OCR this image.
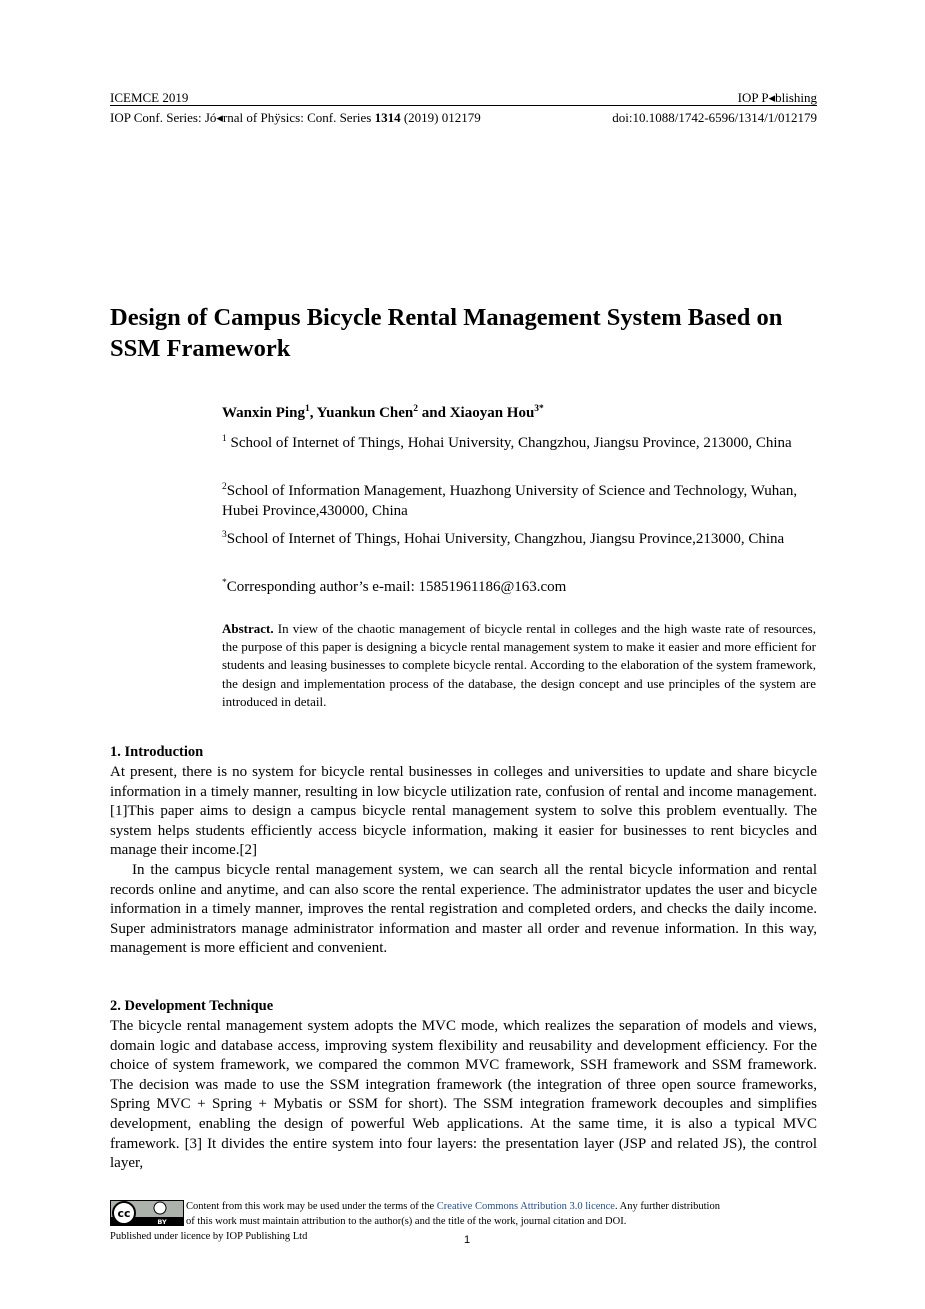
ICEMCE 2019	IOP P◂blishing
IOP Conf. Series: Jó◂rnal of Phÿsics: Conf. Series 1314 (2019) 012179	doi:10.1088/1742-6596/1314/1/012179
Design of Campus Bicycle Rental Management System Based on SSM Framework
Wanxin Ping$^1$, Yuankun Chen$^2$ and Xiaoyan Hou$^{3*}$
$^1$ School of Internet of Things, Hohai University, Changzhou, Jiangsu Province, 213000, China
$^2$School of Information Management, Huazhong University of Science and Technology, Wuhan, Hubei Province,430000, China
$^3$School of Internet of Things, Hohai University, Changzhou, Jiangsu Province,213000, China
*Corresponding author’s e-mail: 15851961186@163.com
Abstract. In view of the chaotic management of bicycle rental in colleges and the high waste rate of resources, the purpose of this paper is designing a bicycle rental management system to make it easier and more efficient for students and leasing businesses to complete bicycle rental. According to the elaboration of the system framework, the design and implementation process of the database, the design concept and use principles of the system are introduced in detail.
1. Introduction
At present, there is no system for bicycle rental businesses in colleges and universities to update and share bicycle information in a timely manner, resulting in low bicycle utilization rate, confusion of rental and income management. [1]This paper aims to design a campus bicycle rental management system to solve this problem eventually. The system helps students efficiently access bicycle information, making it easier for businesses to rent bicycles and manage their income.[2]
In the campus bicycle rental management system, we can search all the rental bicycle information and rental records online and anytime, and can also score the rental experience. The administrator updates the user and bicycle information in a timely manner, improves the rental registration and completed orders, and checks the daily income. Super administrators manage administrator information and master all order and revenue information. In this way, management is more efficient and convenient.
2. Development Technique
The bicycle rental management system adopts the MVC mode, which realizes the separation of models and views, domain logic and database access, improving system flexibility and reusability and development efficiency. For the choice of system framework, we compared the common MVC framework, SSH framework and SSM framework. The decision was made to use the SSM integration framework (the integration of three open source frameworks, Spring MVC + Spring + Mybatis or SSM for short). The SSM integration framework decouples and simplifies development, enabling the design of powerful Web applications. At the same time, it is also a typical MVC framework. [3] It divides the entire system into four layers: the presentation layer (JSP and related JS), the control layer,
cc
BY
Content from this work may be used under the terms of the Creative Commons Attribution 3.0 licence. Any further distribution
of this work must maintain attribution to the author(s) and the title of the work, journal citation and DOI.
Published under licence by IOP Publishing Ltd	1
